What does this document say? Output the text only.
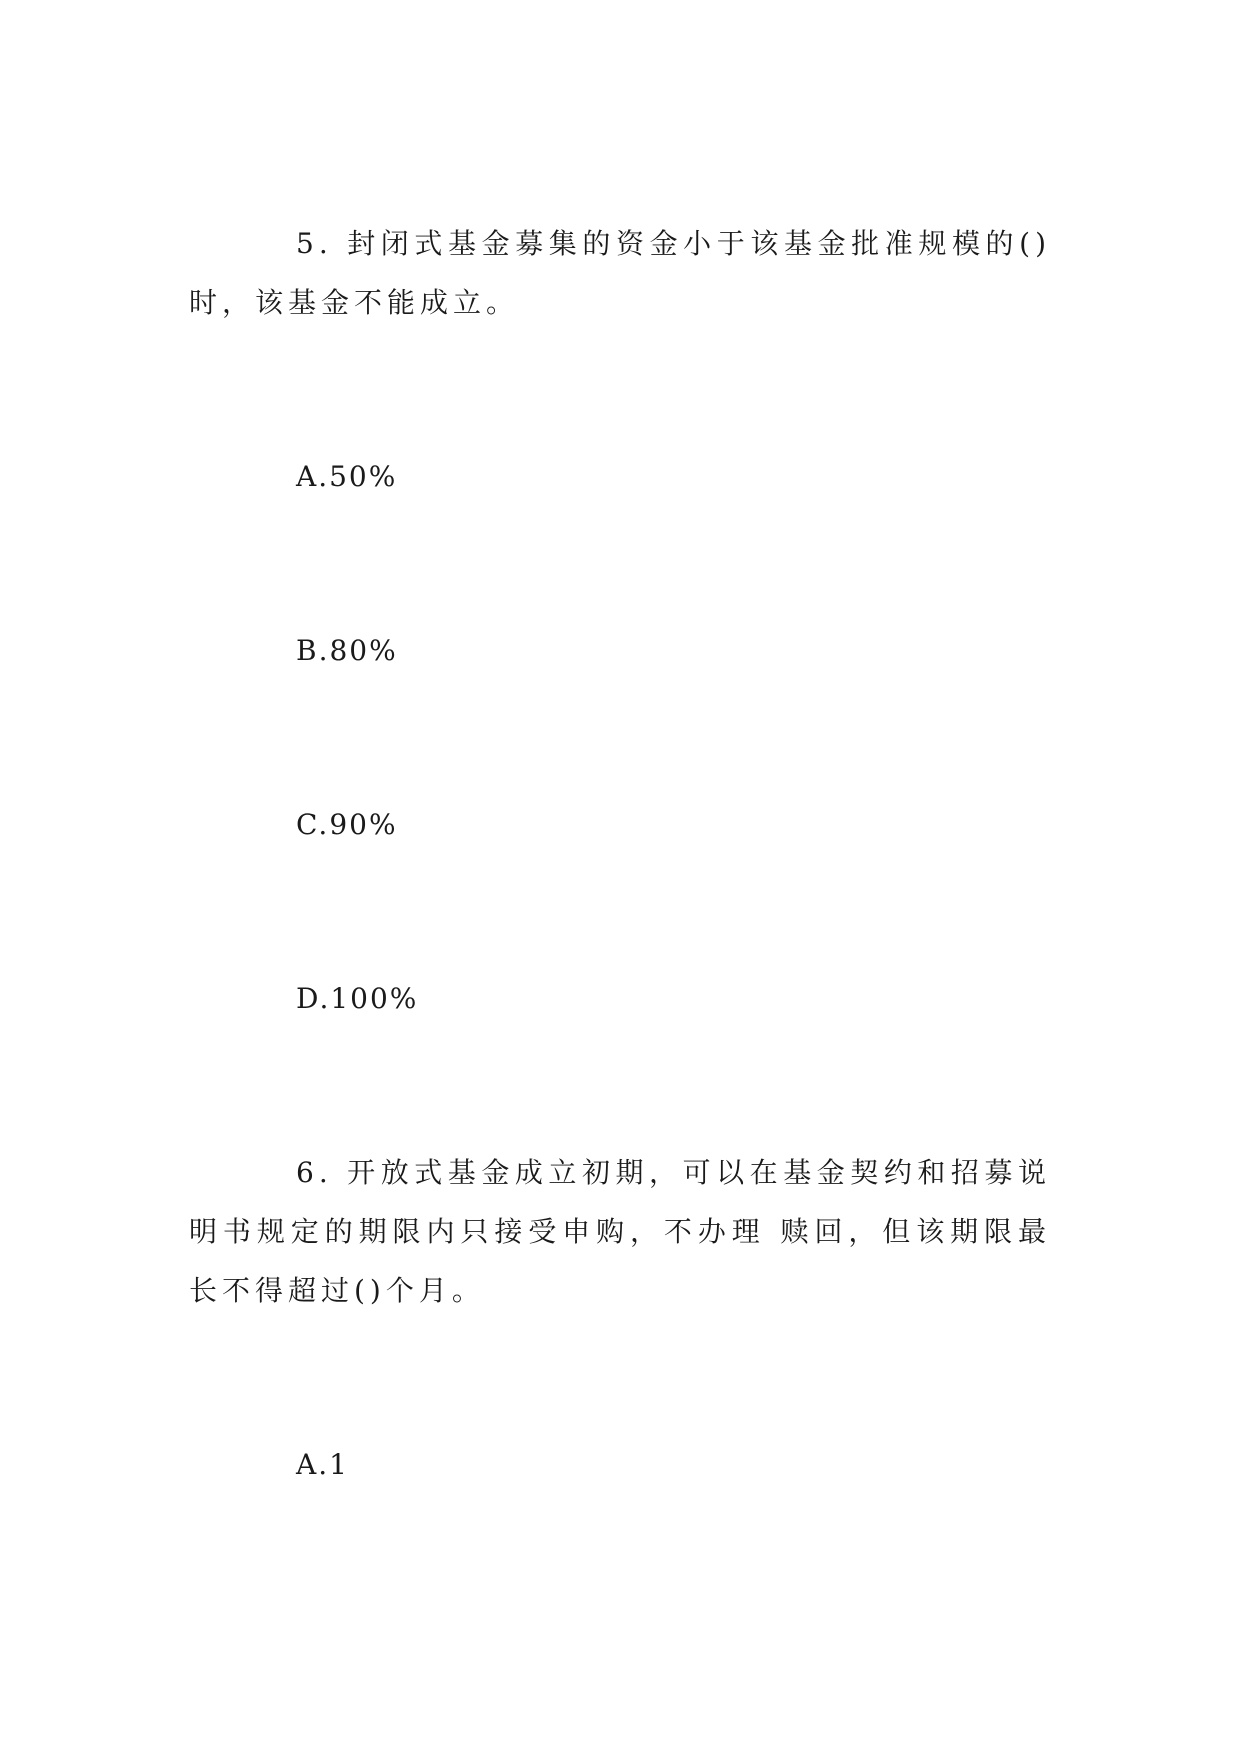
5. 封闭式基金募集的资金小于该基金批准规模的()
时，该基金不能成立。
A.50%
B.80%
C.90%
D.100%
6. 开放式基金成立初期，可以在基金契约和招募说
明书规定的期限内只接受申购，不办理 赎回，但该期限最
长不得超过()个月。
A.1
